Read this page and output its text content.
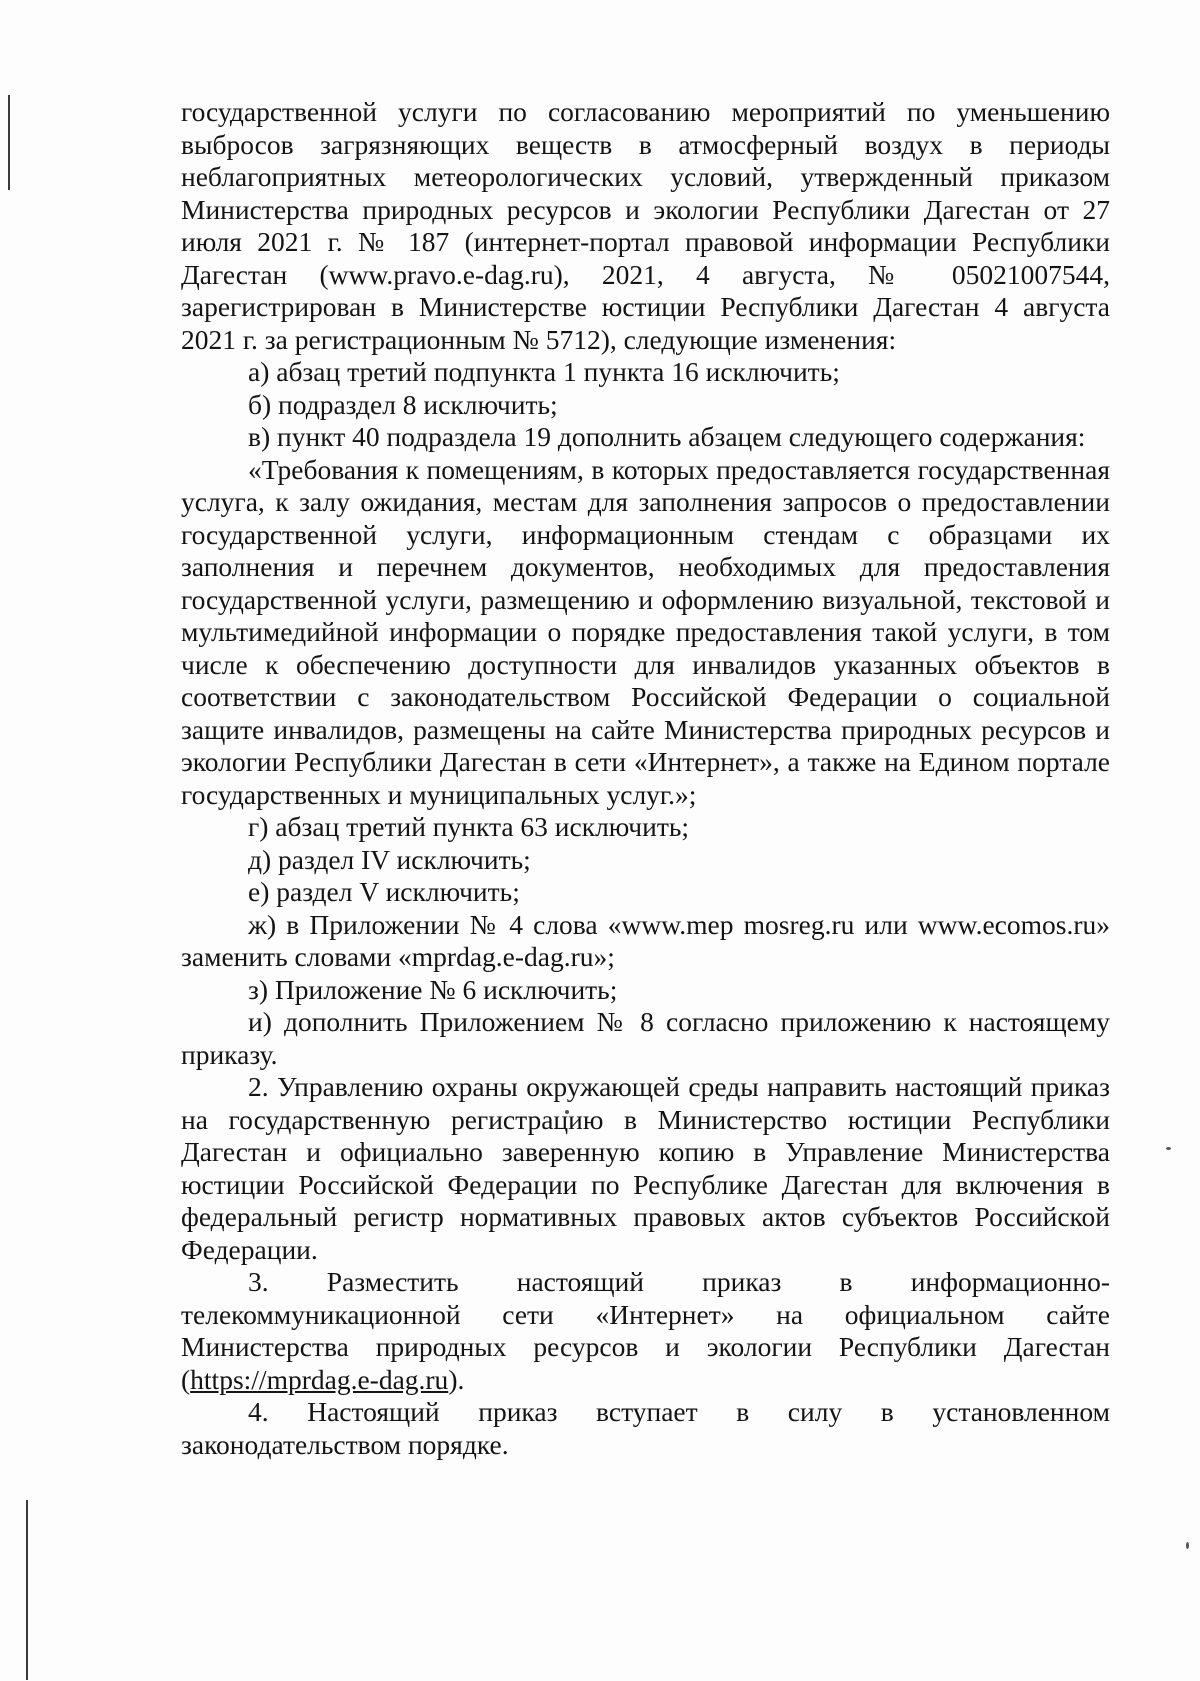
государственной услуги по согласованию мероприятий по уменьшению выбросов загрязняющих веществ в атмосферный воздух в периоды неблагоприятных метеорологических условий, утвержденный приказом Министерства природных ресурсов и экологии Республики Дагестан от 27 июля 2021 г. № 187 (интернет-портал правовой информации Республики Дагестан (www.pravo.e-dag.ru), 2021, 4 августа, № 05021007544, зарегистрирован в Министерстве юстиции Республики Дагестан 4 августа 2021 г. за регистрационным № 5712), следующие изменения:

а) абзац третий подпункта 1 пункта 16 исключить;

б) подраздел 8 исключить;

в) пункт 40 подраздела 19 дополнить абзацем следующего содержания:

«Требования к помещениям, в которых предоставляется государственная услуга, к залу ожидания, местам для заполнения запросов о предоставлении государственной услуги, информационным стендам с образцами их заполнения и перечнем документов, необходимых для предоставления государственной услуги, размещению и оформлению визуальной, текстовой и мультимедийной информации о порядке предоставления такой услуги, в том числе к обеспечению доступности для инвалидов указанных объектов в соответствии с законодательством Российской Федерации о социальной защите инвалидов, размещены на сайте Министерства природных ресурсов и экологии Республики Дагестан в сети «Интернет», а также на Едином портале государственных и муниципальных услуг.»;

г) абзац третий пункта 63 исключить;

д) раздел IV исключить;

е) раздел V исключить;

ж) в Приложении № 4 слова «www.mep mosreg.ru или www.ecomos.ru» заменить словами «mprdag.e-dag.ru»;

з) Приложение № 6 исключить;

и) дополнить Приложением № 8 согласно приложению к настоящему приказу.

2. Управлению охраны окружающей среды направить настоящий приказ на государственную регистрацию в Министерство юстиции Республики Дагестан и официально заверенную копию в Управление Министерства юстиции Российской Федерации по Республике Дагестан для включения в федеральный регистр нормативных правовых актов субъектов Российской Федерации.

3. Разместить настоящий приказ в информационно-телекоммуникационной сети «Интернет» на официальном сайте Министерства природных ресурсов и экологии Республики Дагестан (https://mprdag.e-dag.ru).

4. Настоящий приказ вступает в силу в установленном законодательством порядке.
